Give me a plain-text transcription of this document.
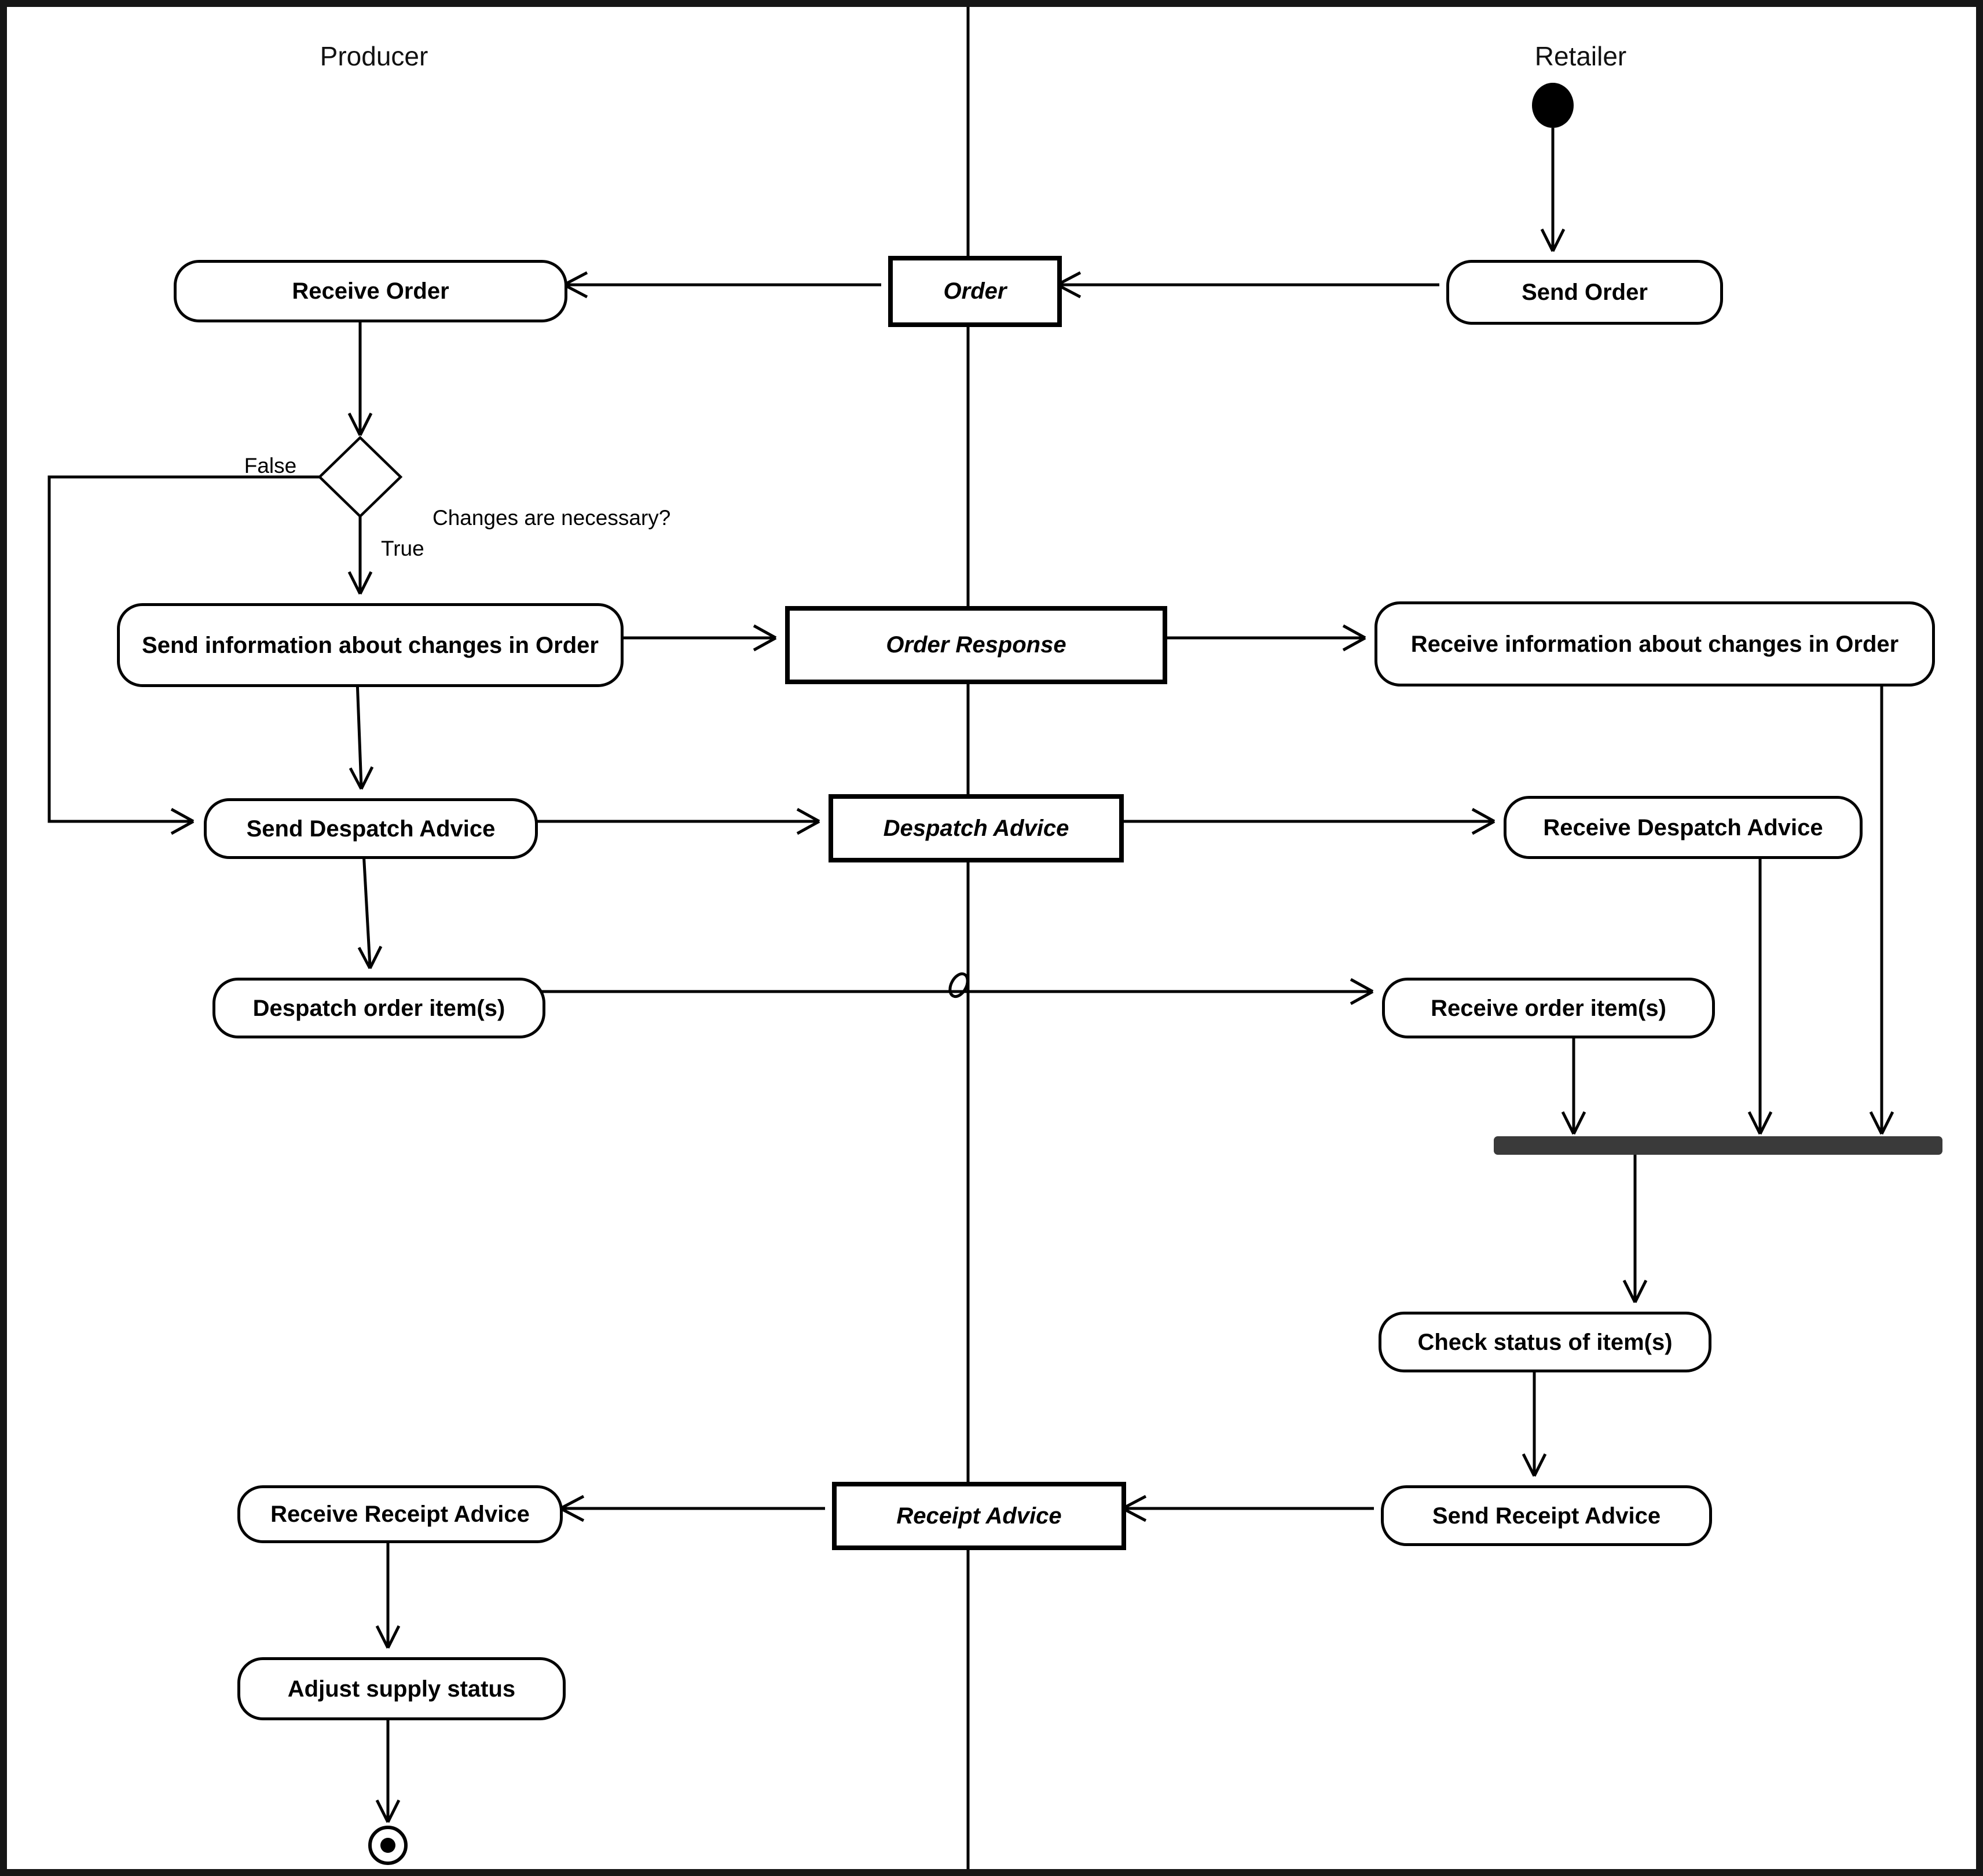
Producer	Retailer
False
True
Changes are necessary?
Receive Order	Order	Send Order
Send information about changes in Order	Order Response	Receive information about changes in Order
Send Despatch Advice	Despatch Advice	Receive Despatch Advice
Despatch order item(s)	Receive order item(s)
Check status of item(s)
Send Receipt Advice
Receipt Advice
Receive Receipt Advice
Adjust supply status
